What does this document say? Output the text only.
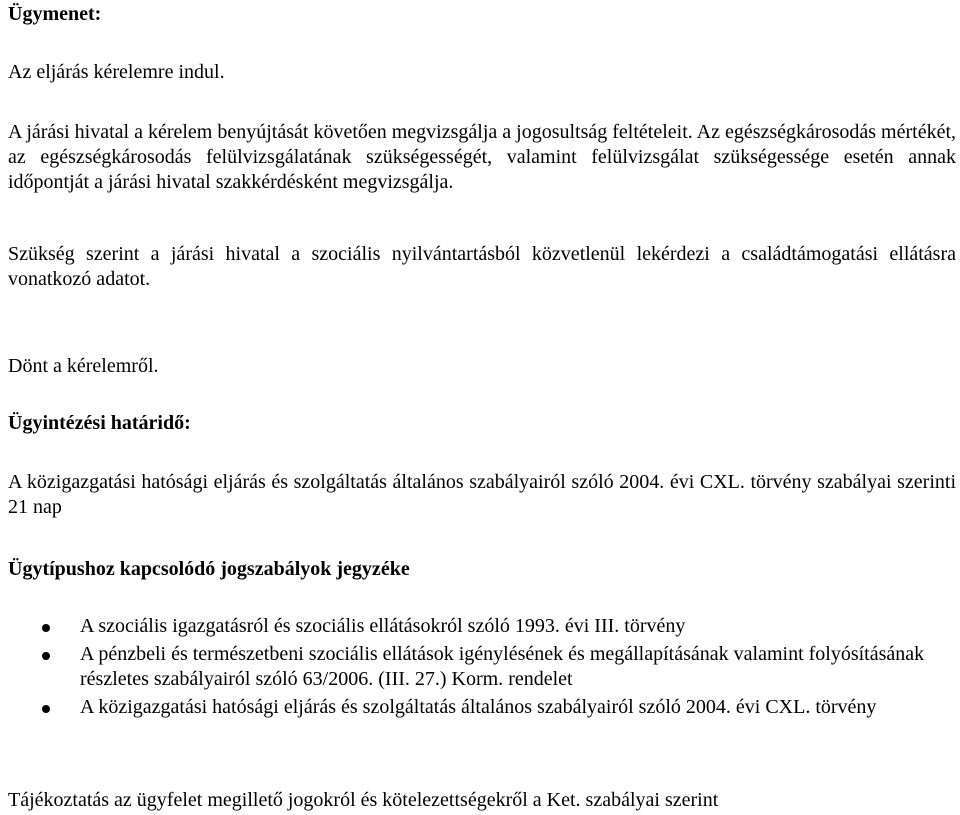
Ügymenet:

Az eljárás kérelemre indul.

A járási hivatal a kérelem benyújtását követően megvizsgálja a jogosultság feltételeit. Az egészségkárosodás mértékét, az egészségkárosodás felülvizsgálatának szükségességét, valamint felülvizsgálat szükségessége esetén annak időpontját a járási hivatal szakkérdésként megvizsgálja.

Szükség szerint a járási hivatal a szociális nyilvántartásból közvetlenül lekérdezi a családtámogatási ellátásra vonatkozó adatot.

Dönt a kérelemről.

Ügyintézési határidő:

A közigazgatási hatósági eljárás és szolgáltatás általános szabályairól szóló 2004. évi CXL. törvény szabályai szerinti 21 nap

Ügytípushoz kapcsolódó jogszabályok jegyzéke

A szociális igazgatásról és szociális ellátásokról szóló 1993. évi III. törvény
A pénzbeli és természetbeni szociális ellátások igénylésének és megállapításának valamint folyósításának részletes szabályairól szóló 63/2006. (III. 27.) Korm. rendelet
A közigazgatási hatósági eljárás és szolgáltatás általános szabályairól szóló 2004. évi CXL. törvény

Tájékoztatás az ügyfelet megillető jogokról és kötelezettségekről a Ket. szabályai szerint
